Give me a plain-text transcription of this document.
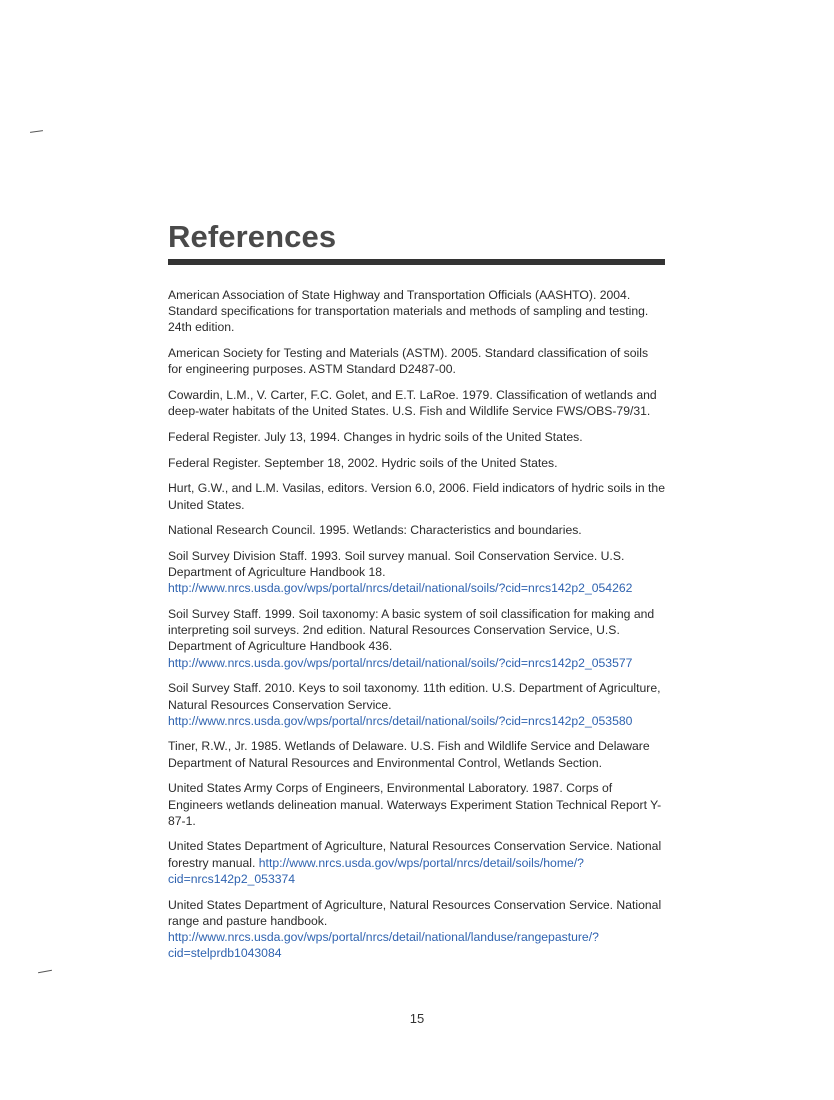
References
American Association of State Highway and Transportation Officials (AASHTO). 2004. Standard specifications for transportation materials and methods of sampling and testing. 24th edition.
American Society for Testing and Materials (ASTM). 2005. Standard classification of soils for engineering purposes. ASTM Standard D2487-00.
Cowardin, L.M., V. Carter, F.C. Golet, and E.T. LaRoe. 1979. Classification of wetlands and deep-water habitats of the United States. U.S. Fish and Wildlife Service FWS/OBS-79/31.
Federal Register. July 13, 1994. Changes in hydric soils of the United States.
Federal Register. September 18, 2002. Hydric soils of the United States.
Hurt, G.W., and L.M. Vasilas, editors. Version 6.0, 2006. Field indicators of hydric soils in the United States.
National Research Council. 1995. Wetlands: Characteristics and boundaries.
Soil Survey Division Staff. 1993. Soil survey manual. Soil Conservation Service. U.S. Department of Agriculture Handbook 18. http://www.nrcs.usda.gov/wps/portal/nrcs/detail/national/soils/?cid=nrcs142p2_054262
Soil Survey Staff. 1999. Soil taxonomy: A basic system of soil classification for making and interpreting soil surveys. 2nd edition. Natural Resources Conservation Service, U.S. Department of Agriculture Handbook 436. http://www.nrcs.usda.gov/wps/portal/nrcs/detail/national/soils/?cid=nrcs142p2_053577
Soil Survey Staff. 2010. Keys to soil taxonomy. 11th edition. U.S. Department of Agriculture, Natural Resources Conservation Service. http://www.nrcs.usda.gov/wps/portal/nrcs/detail/national/soils/?cid=nrcs142p2_053580
Tiner, R.W., Jr. 1985. Wetlands of Delaware. U.S. Fish and Wildlife Service and Delaware Department of Natural Resources and Environmental Control, Wetlands Section.
United States Army Corps of Engineers, Environmental Laboratory. 1987. Corps of Engineers wetlands delineation manual. Waterways Experiment Station Technical Report Y-87-1.
United States Department of Agriculture, Natural Resources Conservation Service. National forestry manual. http://www.nrcs.usda.gov/wps/portal/nrcs/detail/soils/home/?cid=nrcs142p2_053374
United States Department of Agriculture, Natural Resources Conservation Service. National range and pasture handbook. http://www.nrcs.usda.gov/wps/portal/nrcs/detail/national/landuse/rangepasture/?cid=stelprdb1043084
15
